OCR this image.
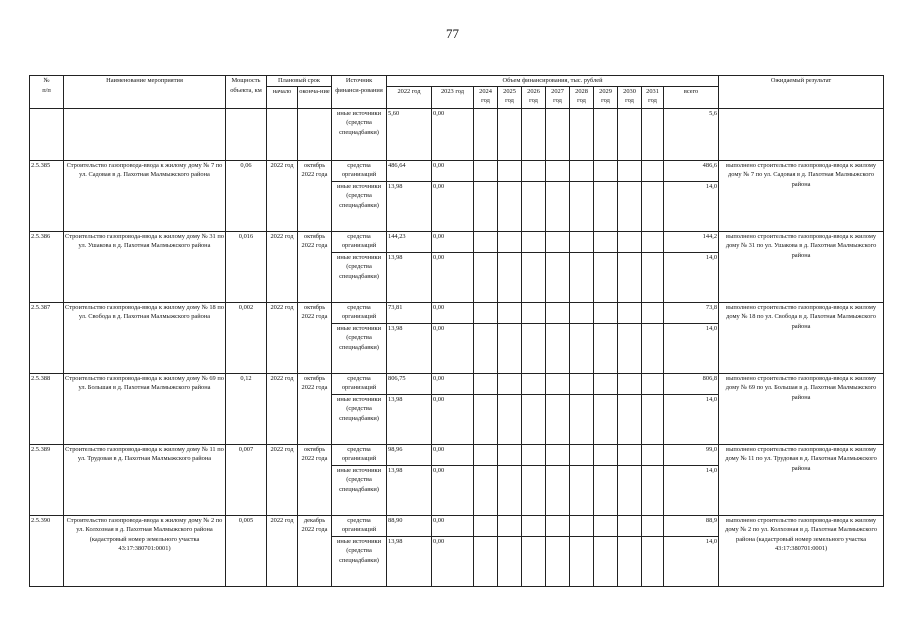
77
№
п/п	Наименование мероприятия	Мощность объекта, км	Плановый срок		Источник финанси-рования	Объем финансирования, тыс. рублей											Ожидаемый результат
			начало	оконча-ние		2022 год	2023 год	2024 год	2025 год	2026 год	2027 год	2028 год	2029 год	2030 год	2031 год	всего	

					иные источники (средства спецнадбавки)	5,60	0,00									5,6	
2.5.385	Строительство газопровода-ввода к жилому дому № 7 по ул. Садовая в д. Пахотная Малмыжского района	0,06	2022 год	октябрь 2022 года	средства организаций	486,64	0,00									486,6	выполнено строительство газопровода-ввода к жилому дому № 7 по ул. Садовая в д. Пахотная Малмыжского района
					иные источники (средства спецнадбавки)	13,98	0,00									14,0	
2.5.386	Строительство газопровода-ввода к жилому дому № 31 по ул. Ушакова в д. Пахотная Малмыжского района	0,016	2022 год	октябрь 2022 года	средства организаций	144,23	0,00									144,2	выполнено строительство газопровода-ввода к жилому дому № 31 по ул. Ушакова в д. Пахотная Малмыжского района
					иные источники (средства спецнадбавки)	13,98	0,00									14,0	
2.5.387	Строительство газопровода-ввода к жилому дому № 18 по ул. Свобода в д. Пахотная Малмыжского района	0,002	2022 год	октябрь 2022 года	средства организаций	73,81	0,00									73,8	выполнено строительство газопровода-ввода к жилому дому № 18 по ул. Свобода в д. Пахотная Малмыжского района
					иные источники (средства спецнадбавки)	13,98	0,00									14,0	
2.5.388	Строительство газопровода-ввода к жилому дому № 69 по ул. Большая в д. Пахотная Малмыжского района	0,12	2022 год	октябрь 2022 года	средства организаций	806,75	0,00									806,8	выполнено строительство газопровода-ввода к жилому дому № 69 по ул. Большая в д. Пахотная Малмыжского района
					иные источники (средства спецнадбавки)	13,98	0,00									14,0	
2.5.389	Строительство газопровода-ввода к жилому дому № 11 по ул. Трудовая в д. Пахотная Малмыжского района	0,007	2022 год	октябрь 2022 года	средства организаций	98,96	0,00									99,0	выполнено строительство газопровода-ввода к жилому дому № 11 по ул. Трудовая в д. Пахотная Малмыжского района
					иные источники (средства спецнадбавки)	13,98	0,00									14,0	
2.5.390	Строительство газопровода-ввода к жилому дому № 2 по ул. Колхозная в д. Пахотная Малмыжского района (кадастровый номер земельного участка 43:17:380701:0001)	0,005	2022 год	декабрь 2022 года	средства организаций	88,90	0,00									88,9	выполнено строительство газопровода-ввода к жилому дому № 2 по ул. Колхозная в д. Пахотная Малмыжского района (кадастровый номер земельного участка 43:17:380701:0001)
					иные источники (средства спецнадбавки)	13,98	0,00									14,0	
